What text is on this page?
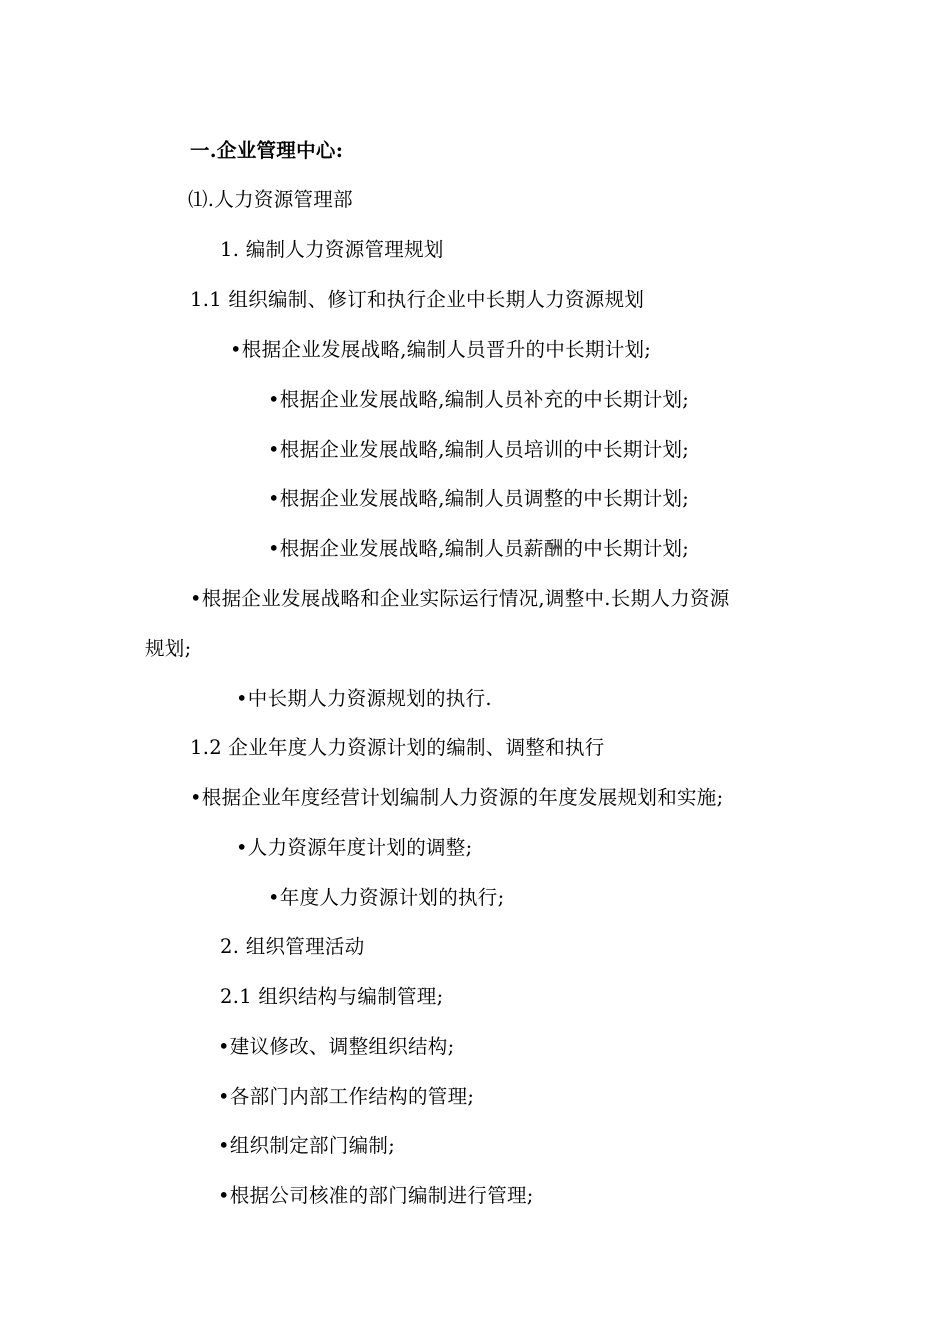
一.企业管理中心:
⑴.人力资源管理部
1. 编制人力资源管理规划
1.1 组织编制、修订和执行企业中长期人力资源规划
•根据企业发展战略,编制人员晋升的中长期计划;
•根据企业发展战略,编制人员补充的中长期计划;
•根据企业发展战略,编制人员培训的中长期计划;
•根据企业发展战略,编制人员调整的中长期计划;
•根据企业发展战略,编制人员薪酬的中长期计划;
•根据企业发展战略和企业实际运行情况,调整中.长期人力资源
规划;
•中长期人力资源规划的执行.
1.2 企业年度人力资源计划的编制、调整和执行
•根据企业年度经营计划编制人力资源的年度发展规划和实施;
•人力资源年度计划的调整;
•年度人力资源计划的执行;
2. 组织管理活动
2.1 组织结构与编制管理;
•建议修改、调整组织结构;
•各部门内部工作结构的管理;
•组织制定部门编制;
•根据公司核准的部门编制进行管理;
